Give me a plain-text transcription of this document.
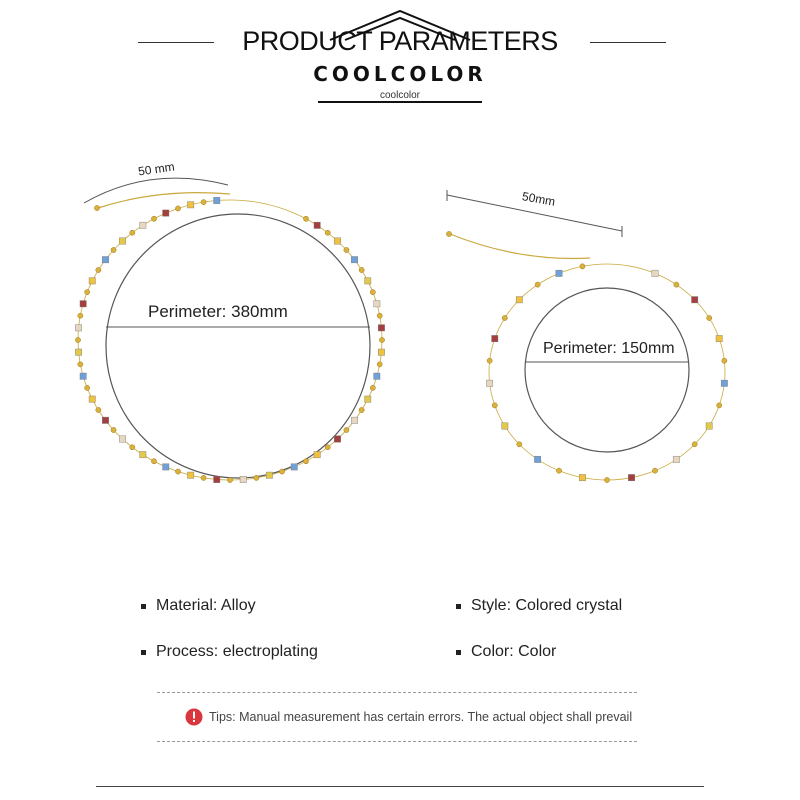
PRODUCT PARAMETERS
COOLCOLOR
coolcolor
50 mm
Perimeter: 380mm
50mm
Perimeter: 150mm
Material: Alloy	Style: Colored crystal
Process: electroplating	Color: Color
Tips: Manual measurement has certain errors. The actual object shall prevail
